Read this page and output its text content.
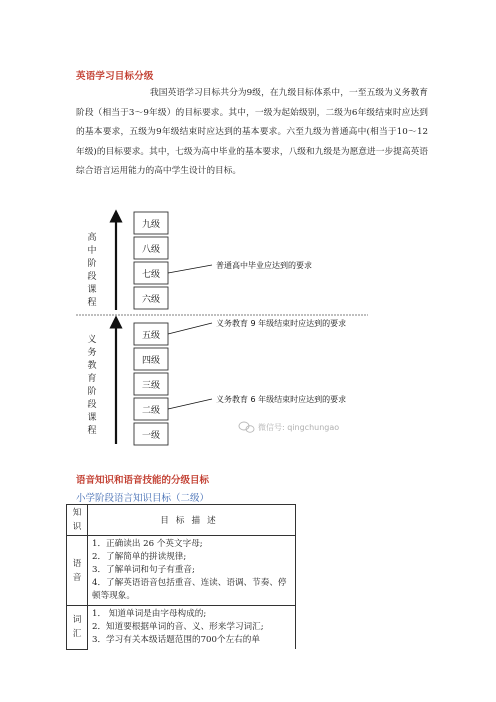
英语学习目标分级

我国英语学习目标共分为9级，在九级目标体系中，一至五级为义务教育阶段（相当于3～9年级）的目标要求。其中，一级为起始级别，二级为6年级结束时应达到的基本要求，五级为9年级结束时应达到的基本要求。六至九级为普通高中(相当于10～12年级)的目标要求。其中，七级为高中毕业的基本要求，八级和九级是为愿意进一步提高英语综合语言运用能力的高中学生设计的目标。

高
中
阶
段
课
程
义
务
教
育
阶
段
课
程
九级
八级
七级
六级
五级
四级
三级
二级
一级
普通高中毕业应达到的要求
义务教育 9 年级结束时应达到的要求
义务教育 6 年级结束时应达到的要求
微信号: qingchungao
语音知识和语音技能的分级目标
小学阶段语言知识目标（二级）
知
识	目标描述

语
音	1．正确读出 26 个英文字母;
2．了解简单的拼读规律;
3．了解单词和句子有重音;
4．了解英语语音包括重音、连读、语调、节奏、停顿等现象。

词
汇	1． 知道单词是由字母构成的;
2．知道要根据单词的音、义、形来学习词汇;
3．学习有关本级话题范围的700个左右的单
